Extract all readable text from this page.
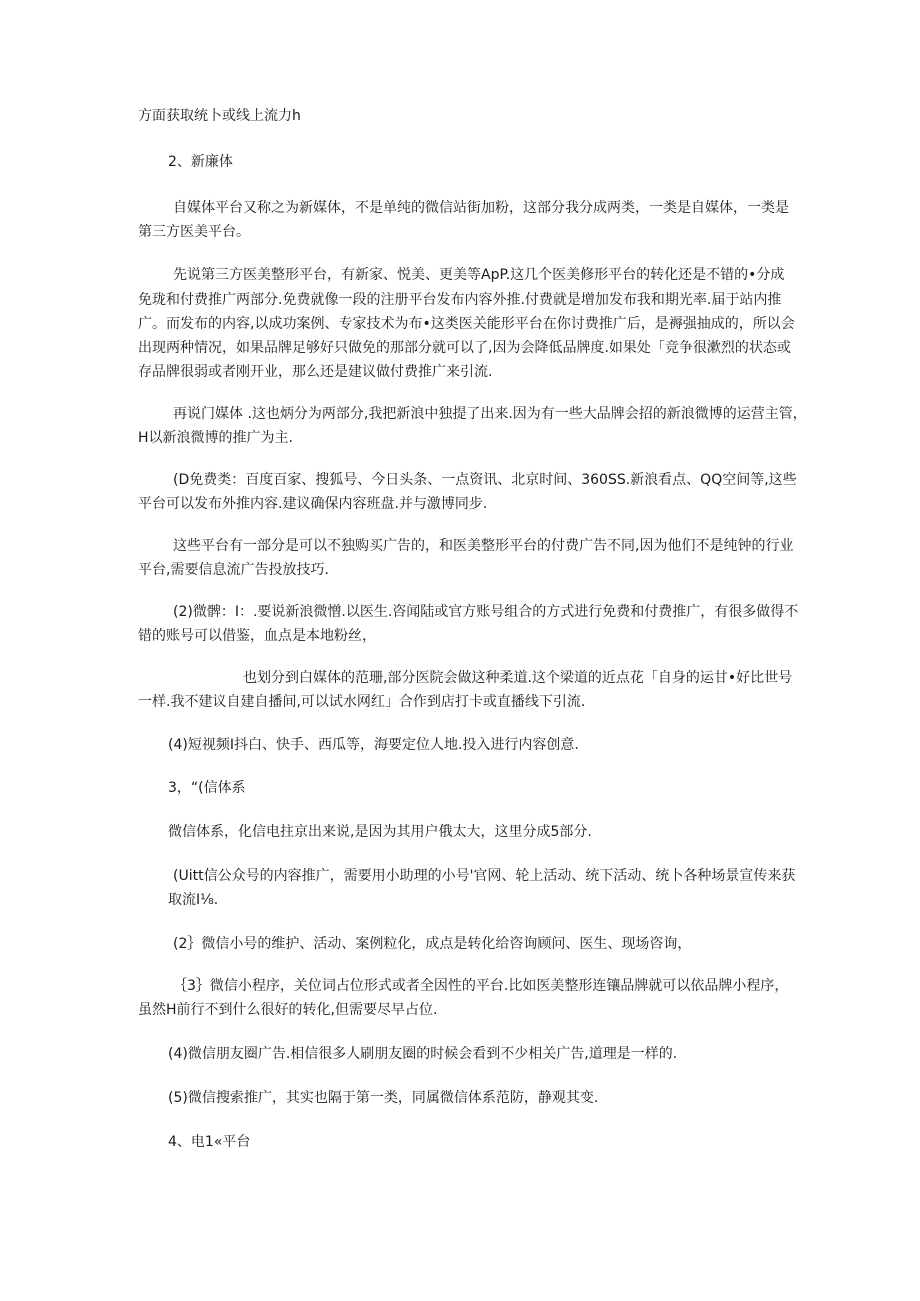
方面获取统卜或线上流力h
2、新廉体
自媒体平台又称之为新媒体，不是单纯的微信站街加粉，这部分我分成两类，一类是自媒体，一类是
第三方医美平台。
先说第三方医美整形平台，有新家、悦美、更美等ApP.这几个医美修形平台的转化还是不错的•分成
免珑和付费推广两部分.免费就像一段的注册平台发布内容外推.付费就是增加发布我和期光率.届于站内推
广。而发布的内容,以成功案例、专家技术为布•这类医关能形平台在你讨费推广后，是褥强抽成的，所以会
出现两种情况，如果品牌足够好只做免的那部分就可以了,因为会降低品牌度.如果处「竞争很漱烈的状态或
存品牌很弱或者刚开业，那么还是建议做付费推广来引流.
再说门媒体 .这也炳分为两部分,我把新浪中独提了出来.因为有一些大品牌会招的新浪微博的运营主管，
H以新浪微博的推广为主.
(D免费类：百度百家、搜狐号、今日头条、一点资讯、北京时间、360SS.新浪看点、QQ空间等,这些
平台可以发布外推内容.建议确保内容班盘.并与激博同步.
这些平台有一部分是可以不独购买广告的，和医美整形平台的付费广告不同,因为他们不是纯钟的行业
平台,需要信息流广告投放技巧.
(2)微髀：I：.要说新浪微憎.以医生.咨闻陆或官方账号组合的方式进行免费和付费推广，有很多做得不
错的账号可以借鉴，血点是本地粉丝，
也划分到白媒体的范珊,部分医院会做这种柔道.这个梁道的近点花「自身的运甘•好比世号
一样.我不建议自建自播间,可以试水网红」合作到店打卡或直播线下引流.
(4)短视频I抖白、快手、西瓜等，海要定位人地.投入进行内容创意.
3，“(信体系
微信体系，化信电拄京出来说,是因为其用户俄太大，这里分成5部分.
(Uitt信公众号的内容推广，需要用小助理的小号'官网、轮上活动、统下活动、统卜各种场景宣传来获
取流I⅛.
(2｝微信小号的维护、活动、案例粒化，成点是转化给咨询顾问、医生、现场咨询，
｛3｝微信小程序，关位词占位形式或者全因性的平台.比如医美整形连镶品牌就可以依品牌小程序，
虽然H前行不到什么很好的转化,但需要尽早占位.
(4)微信朋友圈广告.相信很多人刷朋友圈的时候会看到不少相关广告,道理是一样的.
(5)微信搜索推广，其实也隔于第一类，同属微信体系范防，静观其变.
4、电1«平台
